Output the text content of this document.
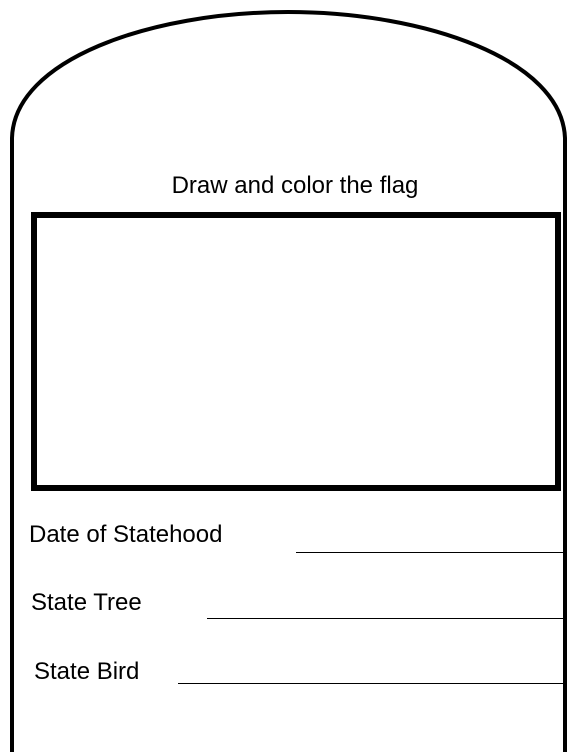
Draw and color the flag
Date of Statehood
State Tree
State Bird
